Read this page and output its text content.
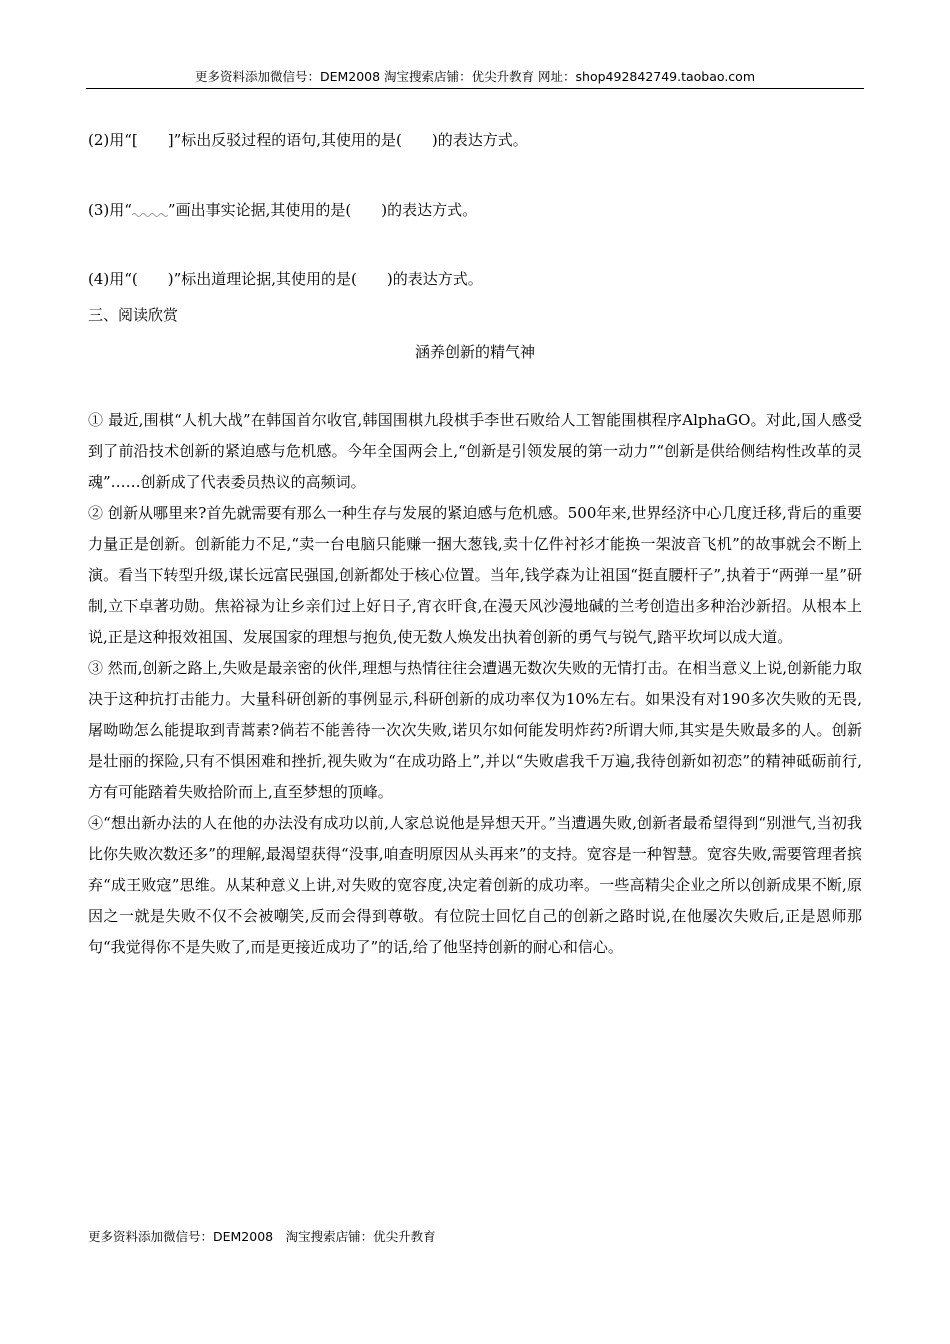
更多资料添加微信号：DEM2008 淘宝搜索店铺：优尖升教育 网址：shop492842749.taobao.com
(2)用“[　　]”标出反驳过程的语句,其使用的是(　　)的表达方式。
(3)用“ ”画出事实论据,其使用的是(　　)的表达方式。
(4)用“(　　)”标出道理论据,其使用的是(　　)的表达方式。
三、阅读欣赏
涵养创新的精气神

① 最近,围棋“人机大战”在韩国首尔收官,韩国围棋九段棋手李世石败给人工智能围棋程序AlphaGO。对此,国人感受到了前沿技术创新的紧迫感与危机感。今年全国两会上,“创新是引领发展的第一动力”“创新是供给侧结构性改革的灵魂”……创新成了代表委员热议的高频词。

② 创新从哪里来?首先就需要有那么一种生存与发展的紧迫感与危机感。500年来,世界经济中心几度迁移,背后的重要力量正是创新。创新能力不足,“卖一台电脑只能赚一捆大葱钱,卖十亿件衬衫才能换一架波音飞机”的故事就会不断上演。看当下转型升级,谋长远富民强国,创新都处于核心位置。当年,钱学森为让祖国“挺直腰杆子”,执着于“两弹一星”研制,立下卓著功勋。焦裕禄为让乡亲们过上好日子,宵衣旰食,在漫天风沙漫地碱的兰考创造出多种治沙新招。从根本上说,正是这种报效祖国、发展国家的理想与抱负,使无数人焕发出执着创新的勇气与锐气,踏平坎坷以成大道。

③ 然而,创新之路上,失败是最亲密的伙伴,理想与热情往往会遭遇无数次失败的无情打击。在相当意义上说,创新能力取决于这种抗打击能力。大量科研创新的事例显示,科研创新的成功率仅为10%左右。如果没有对190多次失败的无畏,屠呦呦怎么能提取到青蒿素?倘若不能善待一次次失败,诺贝尔如何能发明炸药?所谓大师,其实是失败最多的人。创新是壮丽的探险,只有不惧困难和挫折,视失败为“在成功路上”,并以“失败虐我千万遍,我待创新如初恋”的精神砥砺前行,方有可能踏着失败拾阶而上,直至梦想的顶峰。

④“想出新办法的人在他的办法没有成功以前,人家总说他是异想天开。”当遭遇失败,创新者最希望得到“别泄气,当初我比你失败次数还多”的理解,最渴望获得“没事,咱查明原因从头再来”的支持。宽容是一种智慧。宽容失败,需要管理者摈弃“成王败寇”思维。从某种意义上讲,对失败的宽容度,决定着创新的成功率。一些高精尖企业之所以创新成果不断,原因之一就是失败不仅不会被嘲笑,反而会得到尊敬。有位院士回忆自己的创新之路时说,在他屡次失败后,正是恩师那句“我觉得你不是失败了,而是更接近成功了”的话,给了他坚持创新的耐心和信心。

更多资料添加微信号：DEM2008　淘宝搜索店铺：优尖升教育
